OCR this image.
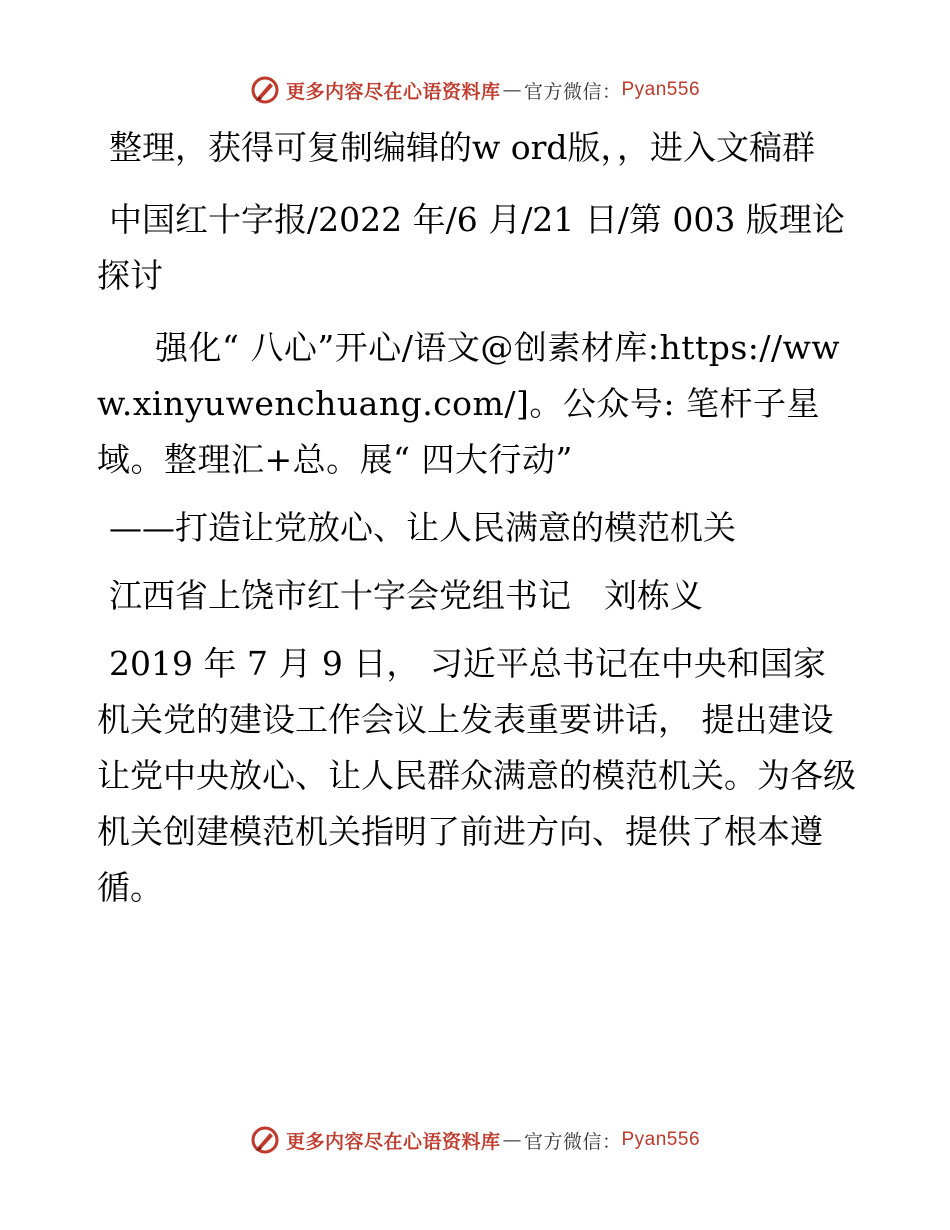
更多内容尽在心语资料库 — 官方微信： Pyan556

整理，获得可复制编辑的w ord版，，进入文稿群

中国红十字报/2022 年/6 月/21 日/第 003 版理论探讨

强化“ 八心”开心/语文@创素材库:https://www.xinyuwenchuang.com/]。公众号: 笔杆子星域。整理汇+总。展“ 四大行动”

——打造让党放心、让人民满意的模范机关

江西省上饶市红十字会党组书记　刘栋义

2019 年 7 月 9 日， 习近平总书记在中央和国家机关党的建设工作会议上发表重要讲话， 提出建设让党中央放心、让人民群众满意的模范机关。为各级机关创建模范机关指明了前进方向、提供了根本遵循。

更多内容尽在心语资料库 — 官方微信： Pyan556
